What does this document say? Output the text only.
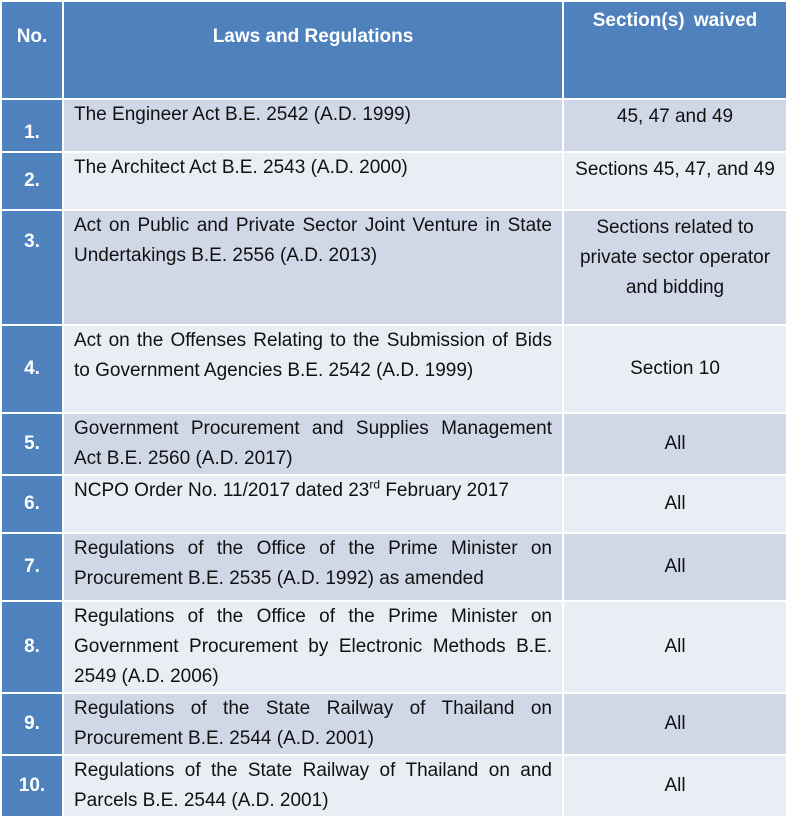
No.	Laws and Regulations	Section(s) waived
1.	The Engineer Act B.E. 2542 (A.D. 1999)	45, 47 and 49
2.	The Architect Act B.E. 2543 (A.D. 2000)	Sections 45, 47, and 49
3.	Act on Public and Private Sector Joint Venture in State Undertakings B.E. 2556 (A.D. 2013)	Sections related to private sector operator and bidding
4.	Act on the Offenses Relating to the Submission of Bids to Government Agencies B.E. 2542 (A.D. 1999)	Section 10
5.	Government Procurement and Supplies Management Act B.E. 2560 (A.D. 2017)	All
6.	NCPO Order No. 11/2017 dated 23rd February 2017	All
7.	Regulations of the Office of the Prime Minister on Procurement B.E. 2535 (A.D. 1992) as amended	All
8.	Regulations of the Office of the Prime Minister on Government Procurement by Electronic Methods B.E. 2549 (A.D. 2006)	All
9.	Regulations of the State Railway of Thailand on Procurement B.E. 2544 (A.D. 2001)	All
10.	Regulations of the State Railway of Thailand on and Parcels B.E. 2544 (A.D. 2001)	All
